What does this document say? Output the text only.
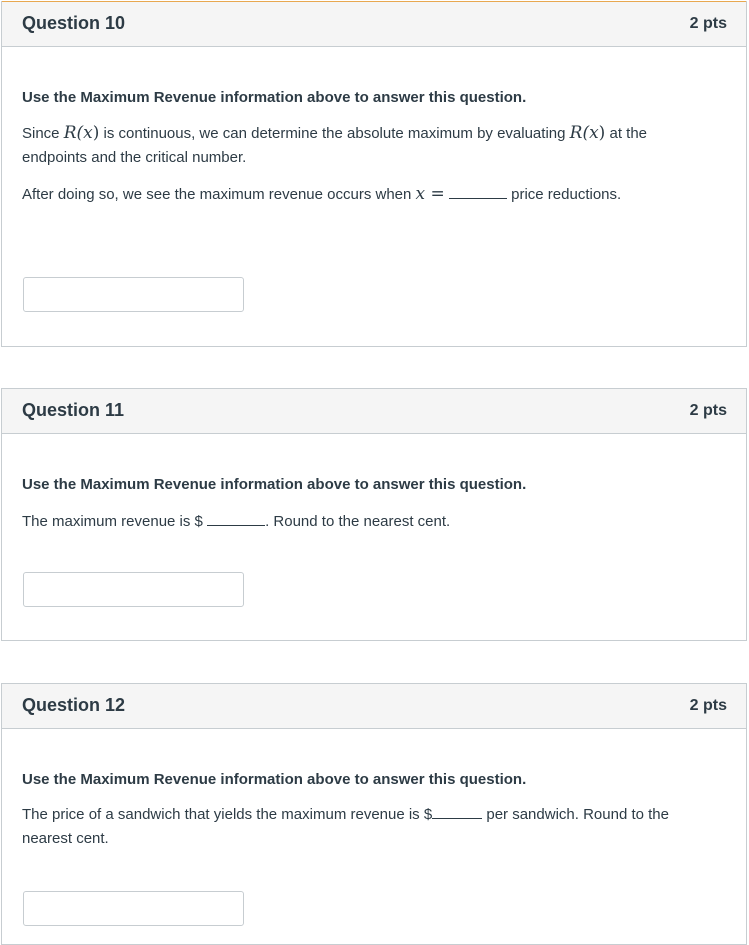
Question 10	2 pts

Use the Maximum Revenue information above to answer this question.

Since R(x) is continuous, we can determine the absolute maximum by evaluating R(x) at the

endpoints and the critical number.

After doing so, we see the maximum revenue occurs when x =	price reductions.

Question 11	2 pts

Use the Maximum Revenue information above to answer this question.

The maximum revenue is $	. Round to the nearest cent.

Question 12	2 pts

Use the Maximum Revenue information above to answer this question.

The price of a sandwich that yields the maximum revenue is $	per sandwich. Round to the

nearest cent.
